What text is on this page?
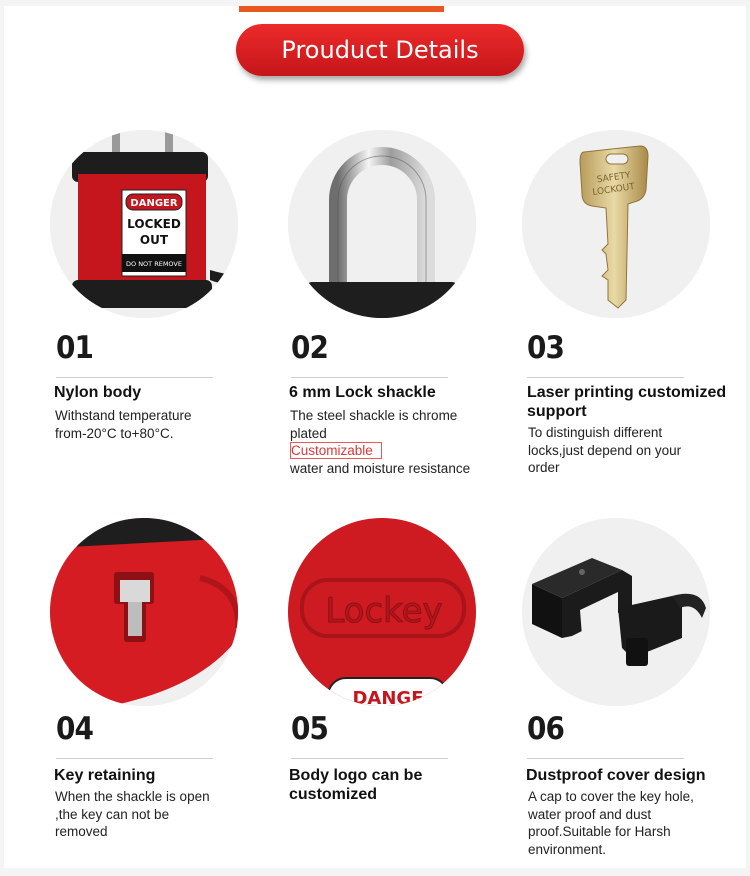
Prouduct Details
DANGER
LOCKED
OUT
DO NOT REMOVE
SAFETY
LOCKOUT
Lockey
DANGE
01
Nylon body
Withstand temperature from-20°C to+80°C.
02
6 mm Lock shackle
The steel shackle is chrome plated
Customizable
water and moisture resistance
03
Laser printing customized support
To distinguish different locks,just depend on your order
04
Key retaining
When the shackle is open ,the key can not be removed
05
Body logo can be customized
06
Dustproof cover design
A cap to cover the key hole, water proof and dust proof.Suitable for Harsh environment.
